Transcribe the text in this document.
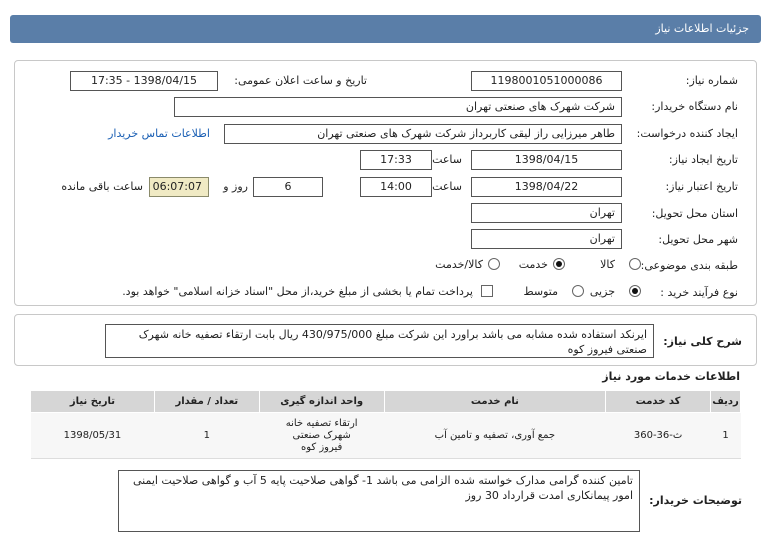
جزئیات اطلاعات نیاز
شماره نیاز:
1198001051000086
تاریخ و ساعت اعلان عمومی:
1398/04/15 - 17:35
نام دستگاه خریدار:
شرکت شهرک های صنعتی تهران
ایجاد کننده درخواست:
طاهر میرزایی راز لیقی کاربرداز شرکت شهرک های صنعتی تهران
اطلاعات تماس خریدار
تاریخ ایجاد نیاز:
1398/04/15
ساعت
17:33
تاریخ اعتبار نیاز:
1398/04/22
ساعت
14:00
6
روز و
06:07:07
ساعت باقی مانده
استان محل تحویل:
تهران
شهر محل تحویل:
تهران
طبقه بندی موضوعی:
کالا
خدمت
کالا/خدمت
نوع فرآیند خرید :
جزیی
متوسط
پرداخت تمام یا بخشی از مبلغ خرید،از محل "اسناد خزانه اسلامی" خواهد بود.
شرح کلی نیاز:
ایرنکد استفاده شده مشابه می باشد براورد این شرکت مبلغ 430/975/000 ریال بابت ارتقاء تصفیه خانه شهرک صنعتی فیروز کوه
اطلاعات خدمات مورد نیاز
ردیف	کد خدمت	نام خدمت	واحد اندازه گیری	تعداد / مقدار	تاریخ نیاز
1	ث-36-360	جمع آوری، تصفیه و تامین آب	ارتقاء تصفیه خانه شهرک صنعتی فیروز کوه	1	1398/05/31
توضیحات خریدار:
تامین کننده گرامی مدارک خواسته شده الزامی می باشد 1- گواهی صلاحیت پایه 5 آب و گواهی صلاحیت ایمنی امور پیمانکاری امدت قرارداد 30 روز
